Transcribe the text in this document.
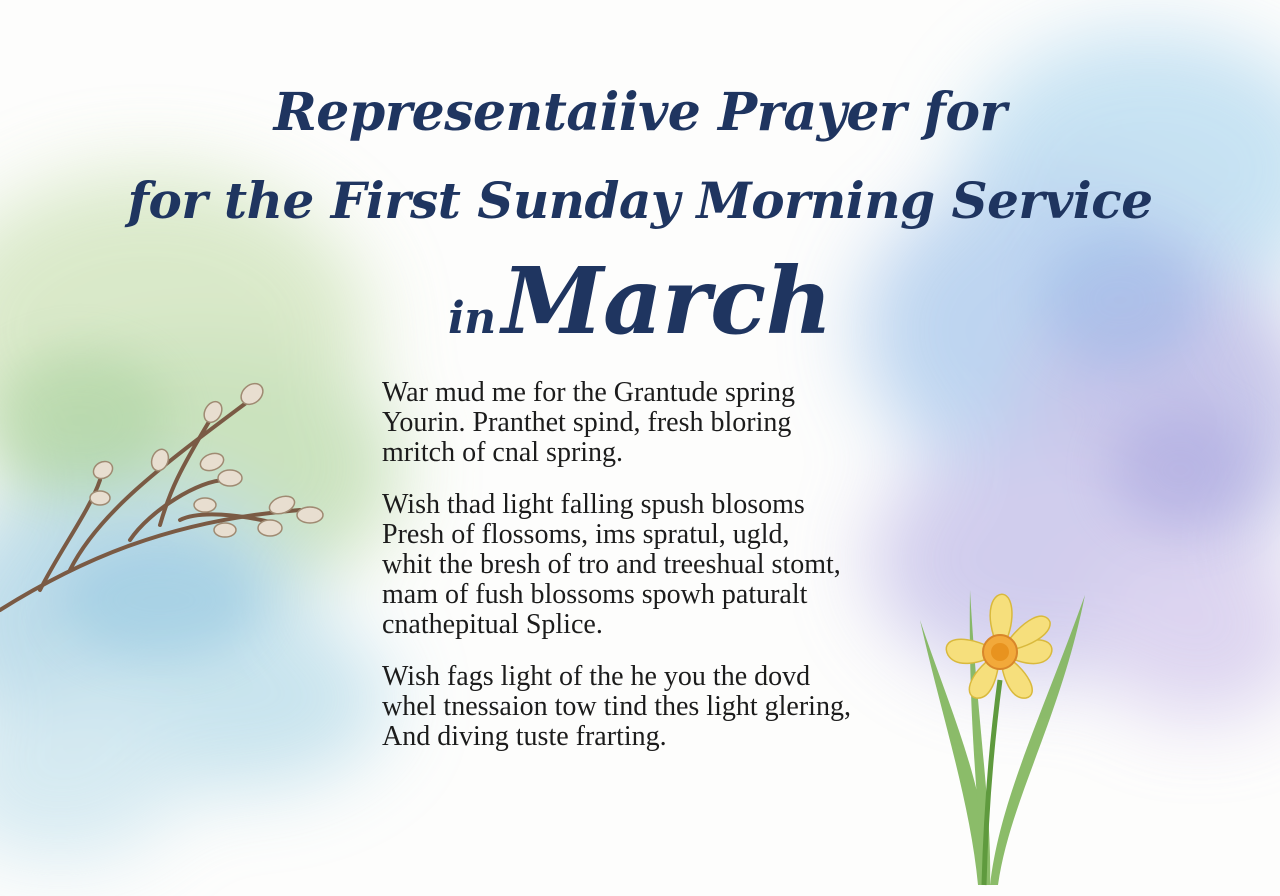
Representaiive Prayer for
for the First Sunday Morning Service
inMarch

War mud me for the Grantude spring
Yourin. Pranthet spind, fresh bloring
mritch of cnal spring.

Wish thad light falling spush blosoms
Presh of flossoms, ims spratul, ugld,
whit the bresh of tro and treeshual stomt,
mam of fush blossoms spowh paturalt
cnathepitual Splice.

Wish fags light of the he you the dovd
whel tnessaion tow tind thes light glering,
And diving tuste frarting.
